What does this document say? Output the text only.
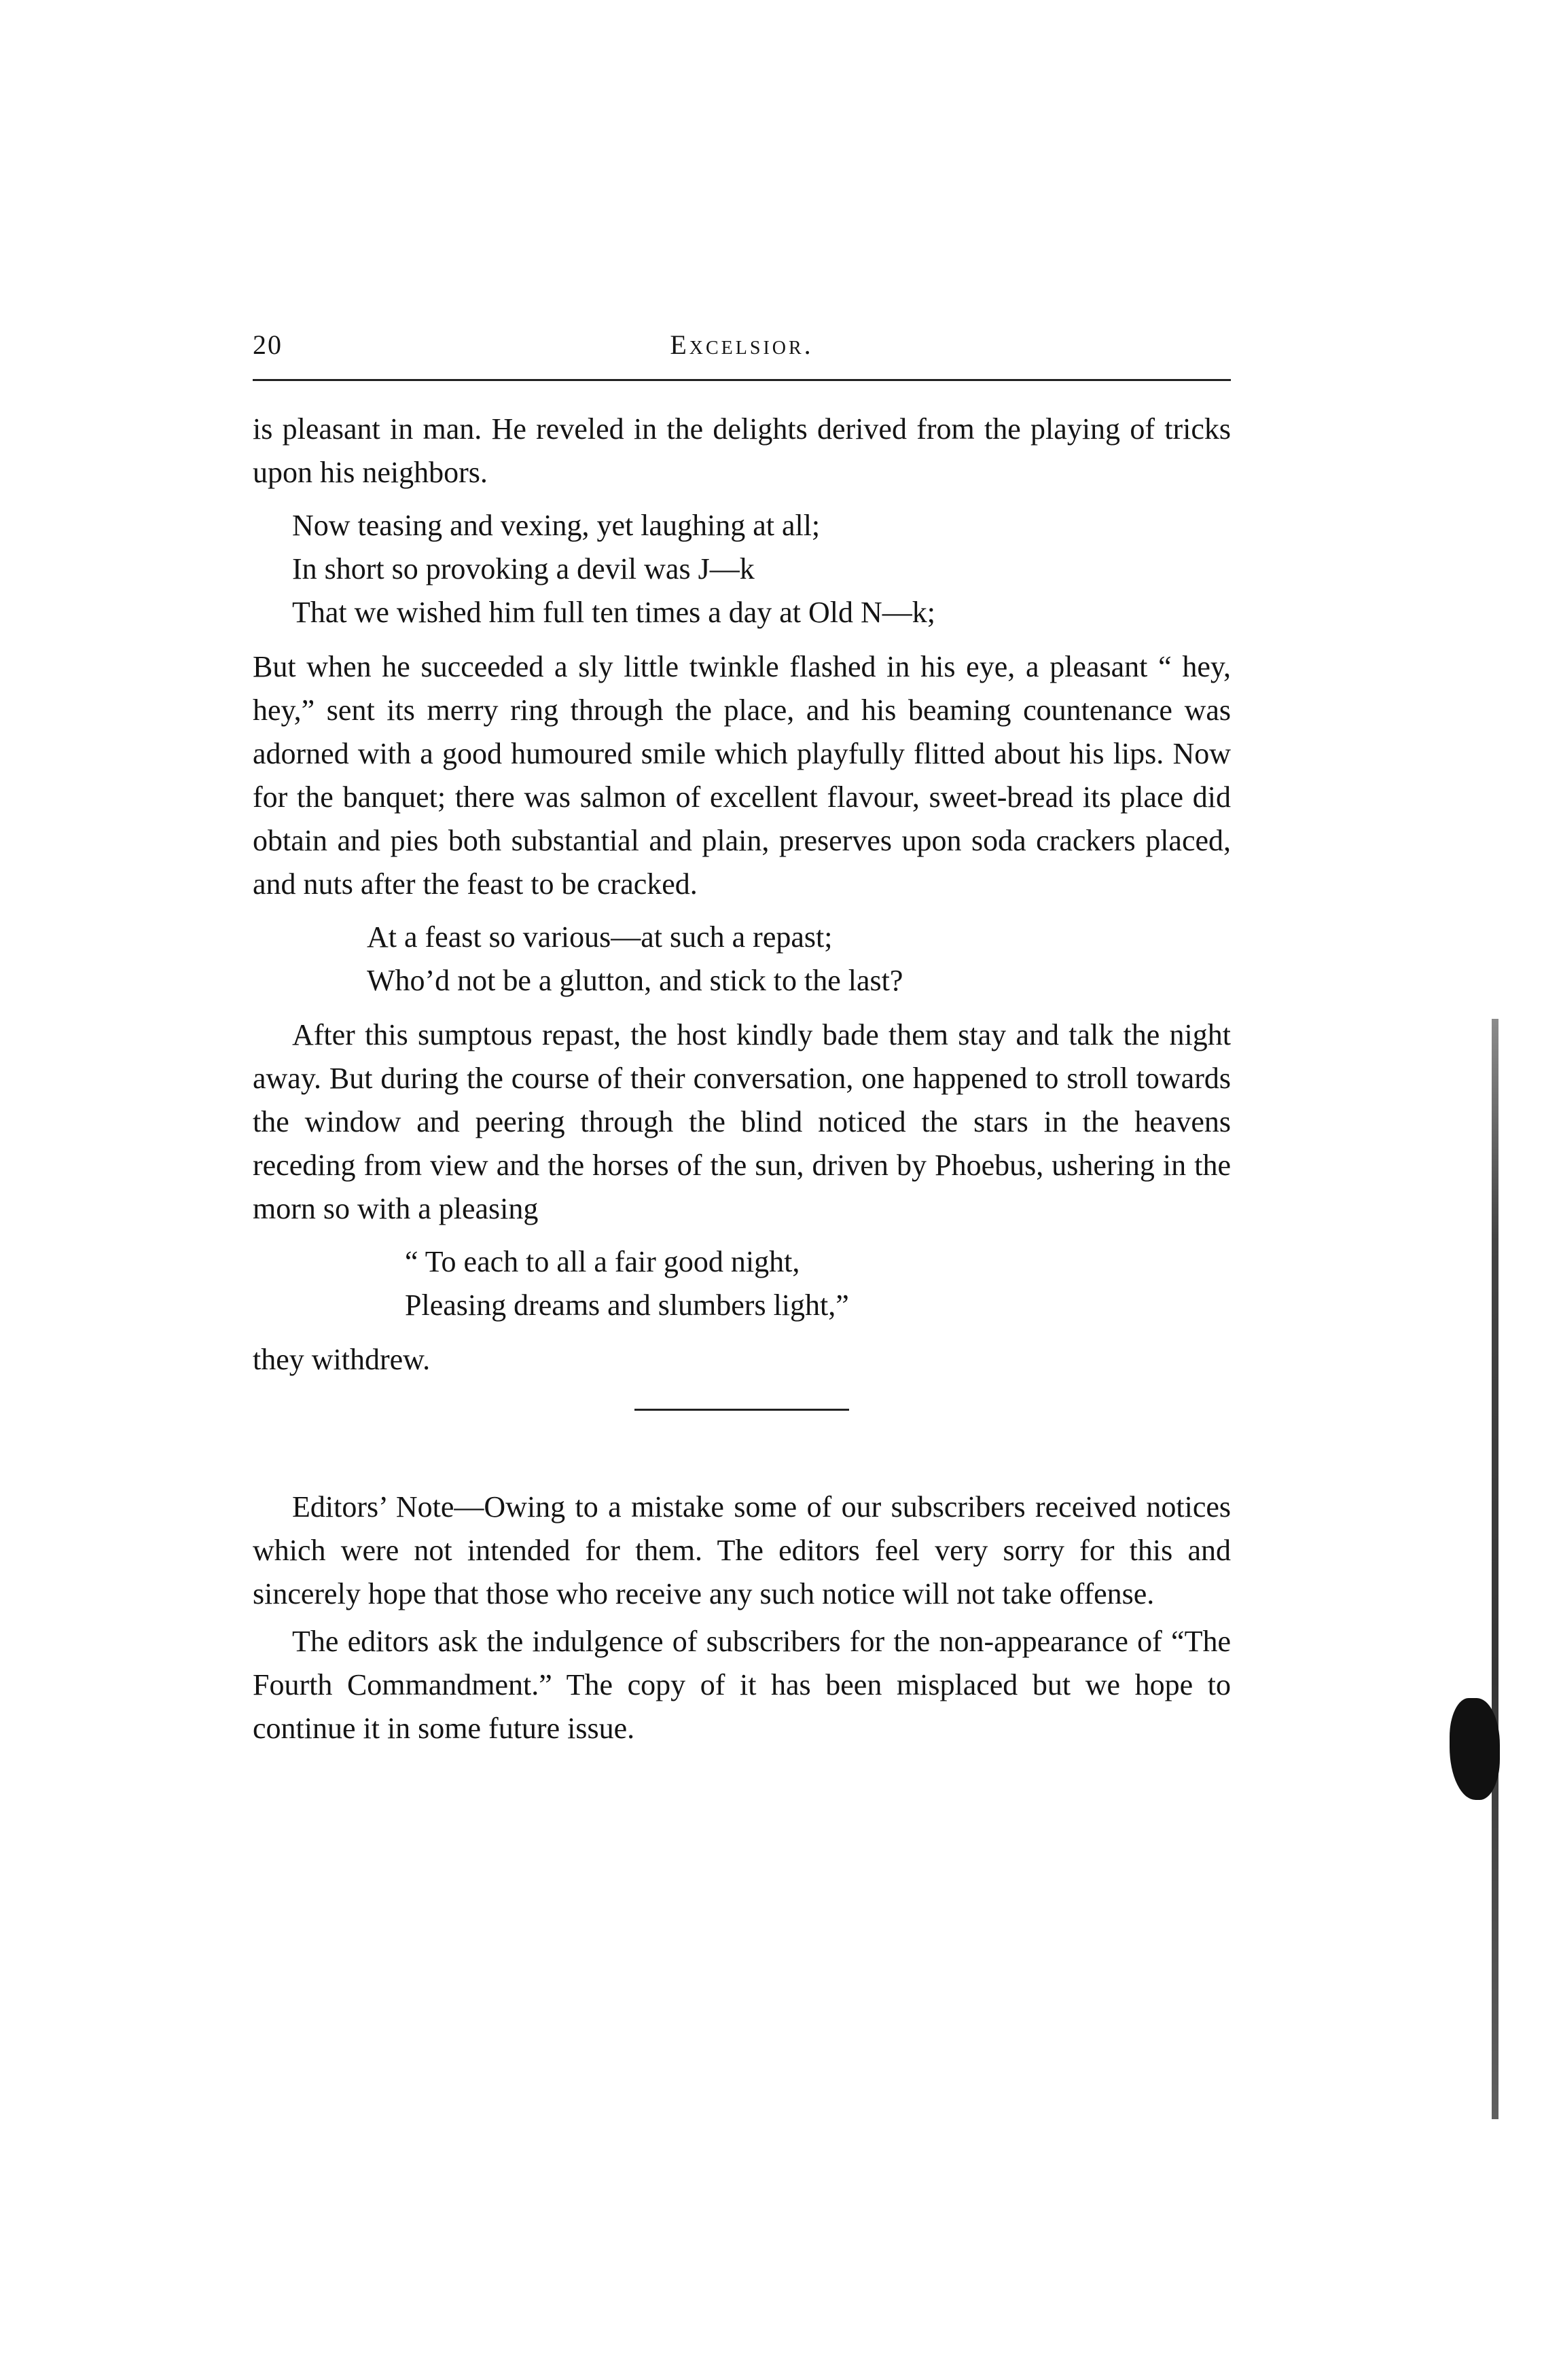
20	Excelsior.

is pleasant in man. He reveled in the delights derived from the playing of tricks upon his neighbors.

Now teasing and vexing, yet laughing at all;
In short so provoking a devil was J—k
That we wished him full ten times a day at Old N—k;

But when he succeeded a sly little twinkle flashed in his eye, a pleasant “ hey, hey,” sent its merry ring through the place, and his beaming countenance was adorned with a good humoured smile which playfully flitted about his lips. Now for the banquet; there was salmon of excellent flavour, sweet-bread its place did obtain and pies both substantial and plain, preserves upon soda crackers placed, and nuts after the feast to be cracked.

At a feast so various—at such a repast;
Who’d not be a glutton, and stick to the last?

After this sumptous repast, the host kindly bade them stay and talk the night away. But during the course of their conversation, one happened to stroll towards the window and peering through the blind noticed the stars in the heavens receding from view and the horses of the sun, driven by Phoebus, ushering in the morn so with a pleasing

“ To each to all a fair good night,
Pleasing dreams and slumbers light,”

they withdrew.

Editors’ Note—Owing to a mistake some of our subscribers received notices which were not intended for them. The editors feel very sorry for this and sincerely hope that those who receive any such notice will not take offense.

The editors ask the indulgence of subscribers for the non-appearance of “The Fourth Commandment.” The copy of it has been misplaced but we hope to continue it in some future issue.
